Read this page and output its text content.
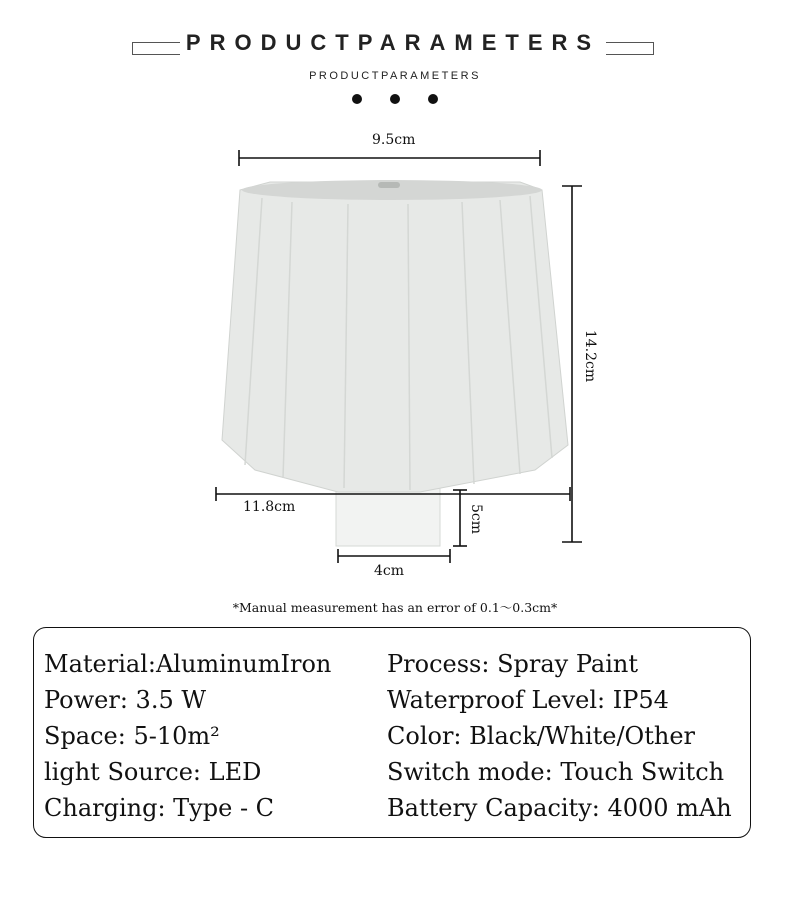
PRODUCTPARAMETERS
PRODUCTPARAMETERS
9.5cm
14.2cm
11.8cm	5cm
4cm
*Manual measurement has an error of 0.1～0.3cm*
Material:AluminumIron
Power: 3.5 W
Space: 5-10m²
light Source: LED
Charging: Type - C
Process: Spray Paint
Waterproof Level: IP54
Color: Black/White/Other
Switch mode: Touch Switch
Battery Capacity: 4000 mAh
